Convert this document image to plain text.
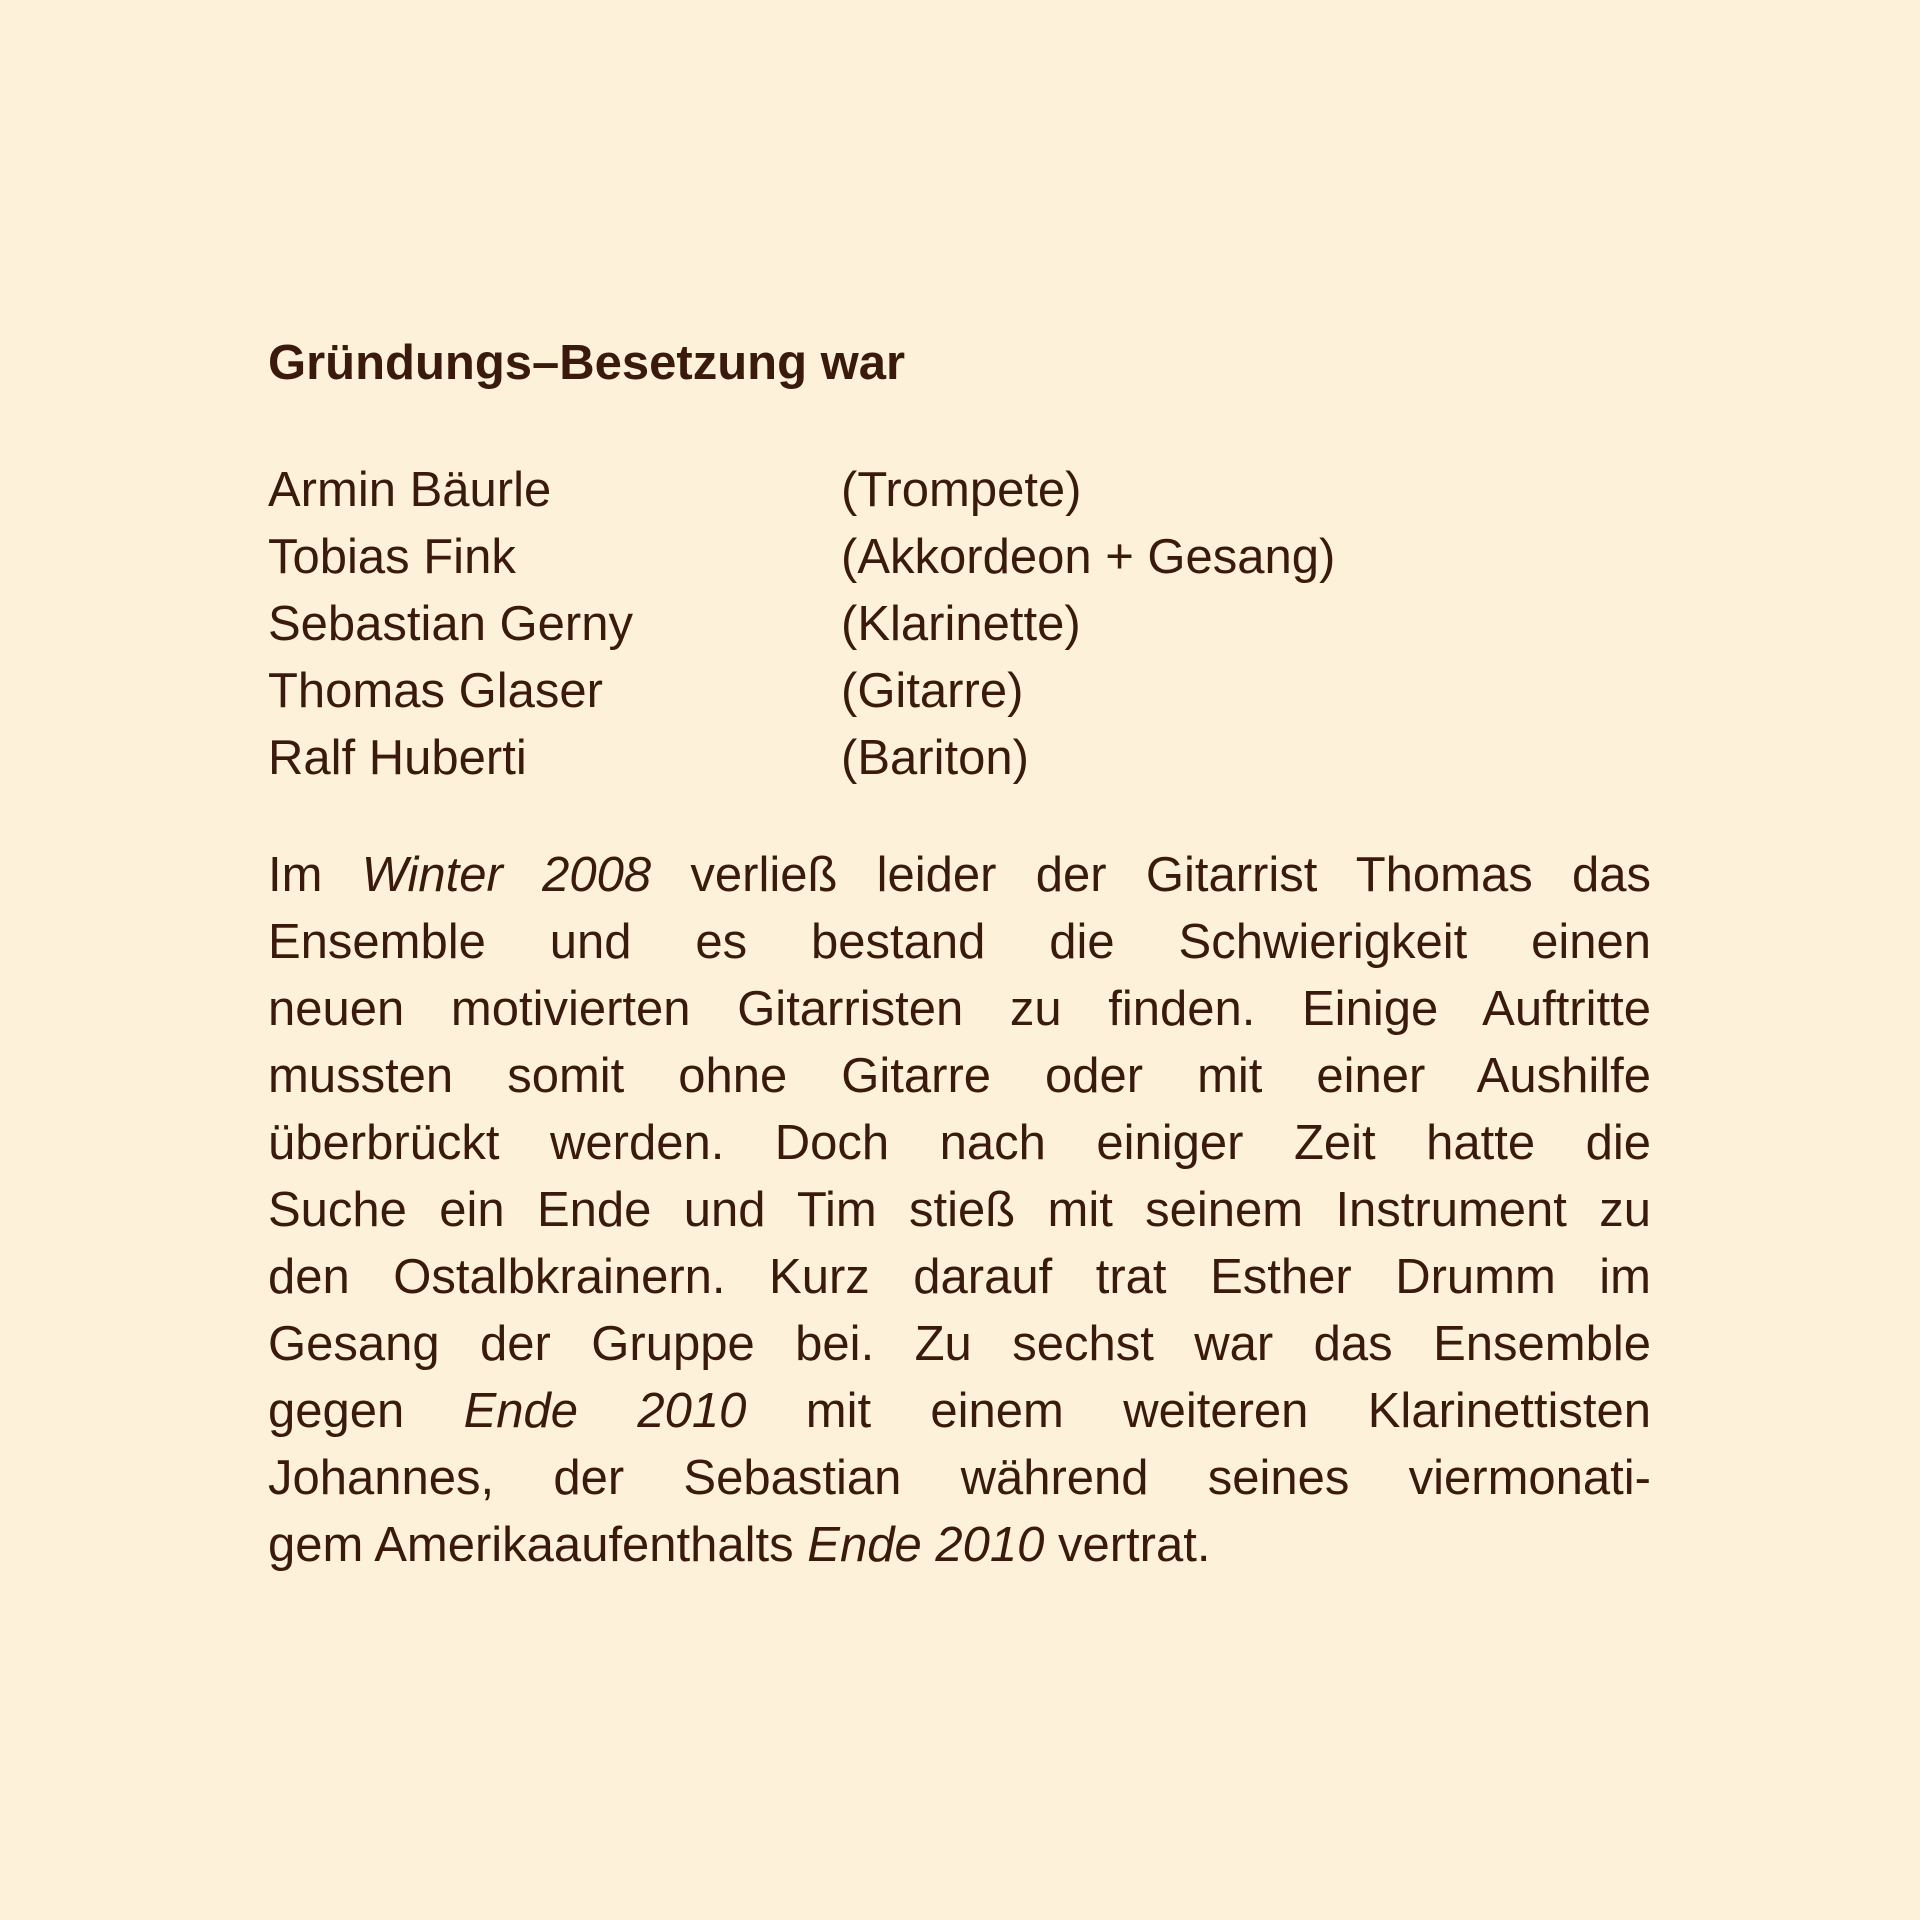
Gründungs–Besetzung war
Armin Bäurle	(Trompete)
Tobias Fink	(Akkordeon + Gesang)
Sebastian Gerny	(Klarinette)
Thomas Glaser	(Gitarre)
Ralf Huberti	(Bariton)
Im Winter 2008 verließ leider der Gitarrist Thomas das
Ensemble und es bestand die Schwierigkeit einen
neuen motivierten Gitarristen zu finden. Einige Auftritte
mussten somit ohne Gitarre oder mit einer Aushilfe
überbrückt werden. Doch nach einiger Zeit hatte die
Suche ein Ende und Tim stieß mit seinem Instrument zu
den Ostalbkrainern. Kurz darauf trat Esther Drumm im
Gesang der Gruppe bei. Zu sechst war das Ensemble
gegen Ende 2010 mit einem weiteren Klarinettisten
Johannes, der Sebastian während seines viermonati-
gem Amerikaaufenthalts Ende 2010 vertrat.
